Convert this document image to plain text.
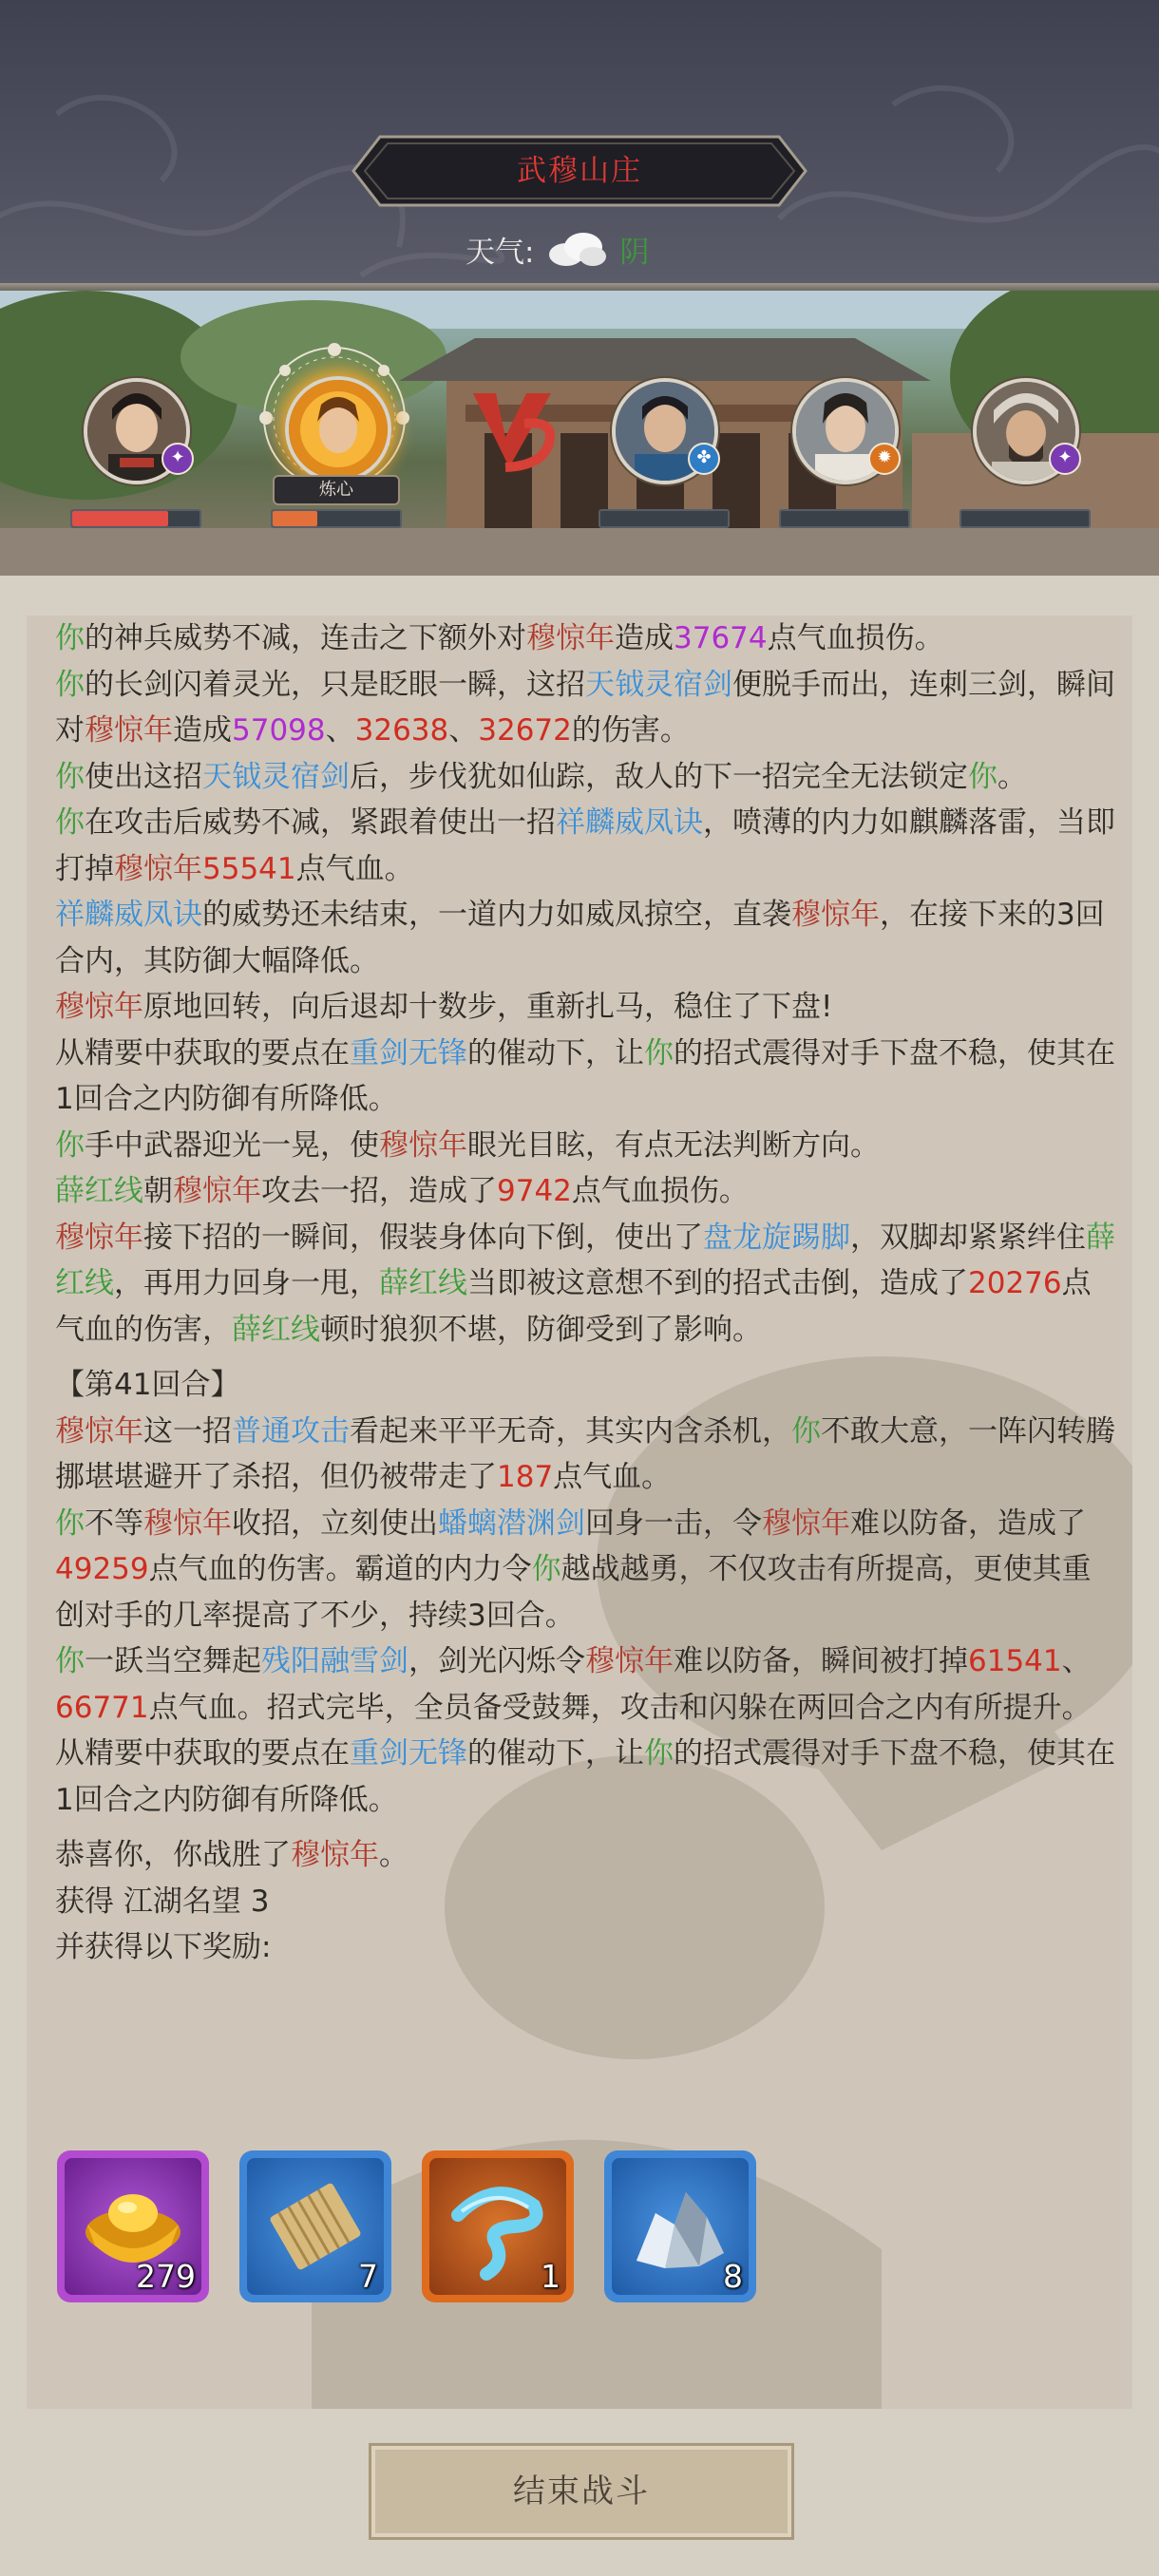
武穆山庄
天气:	阴
✦
炼心
✤	✹	✦

你的神兵威势不减，连击之下额外对穆惊年造成37674点气血损伤。

你的长剑闪着灵光，只是眨眼一瞬，这招天钺灵宿剑便脱手而出，连刺三剑，瞬间对穆惊年造成57098、32638、32672的伤害。

你使出这招天钺灵宿剑后，步伐犹如仙踪，敌人的下一招完全无法锁定你。

你在攻击后威势不减，紧跟着使出一招祥麟威凤诀，喷薄的内力如麒麟落雷，当即打掉穆惊年55541点气血。

祥麟威凤诀的威势还未结束，一道内力如威凤掠空，直袭穆惊年，在接下来的3回合内，其防御大幅降低。

穆惊年原地回转，向后退却十数步，重新扎马，稳住了下盘!

从精要中获取的要点在重剑无锋的催动下，让你的招式震得对手下盘不稳，使其在1回合之内防御有所降低。

你手中武器迎光一晃，使穆惊年眼光目眩，有点无法判断方向。

薛红线朝穆惊年攻去一招，造成了9742点气血损伤。

穆惊年接下招的一瞬间，假装身体向下倒，使出了盘龙旋踢脚，双脚却紧紧绊住薛红线，再用力回身一甩，薛红线当即被这意想不到的招式击倒，造成了20276点气血的伤害，薛红线顿时狼狈不堪，防御受到了影响。

【第41回合】

穆惊年这一招普通攻击看起来平平无奇，其实内含杀机，你不敢大意，一阵闪转腾挪堪堪避开了杀招，但仍被带走了187点气血。

你不等穆惊年收招，立刻使出蟠螭潜渊剑回身一击，令穆惊年难以防备，造成了49259点气血的伤害。霸道的内力令你越战越勇，不仅攻击有所提高，更使其重创对手的几率提高了不少，持续3回合。

你一跃当空舞起残阳融雪剑，剑光闪烁令穆惊年难以防备，瞬间被打掉61541、66771点气血。招式完毕，全员备受鼓舞，攻击和闪躲在两回合之内有所提升。

从精要中获取的要点在重剑无锋的催动下，让你的招式震得对手下盘不稳，使其在1回合之内防御有所降低。

恭喜你，你战胜了穆惊年。

获得 江湖名望 3

并获得以下奖励:

279	7	1	8
结束战斗
